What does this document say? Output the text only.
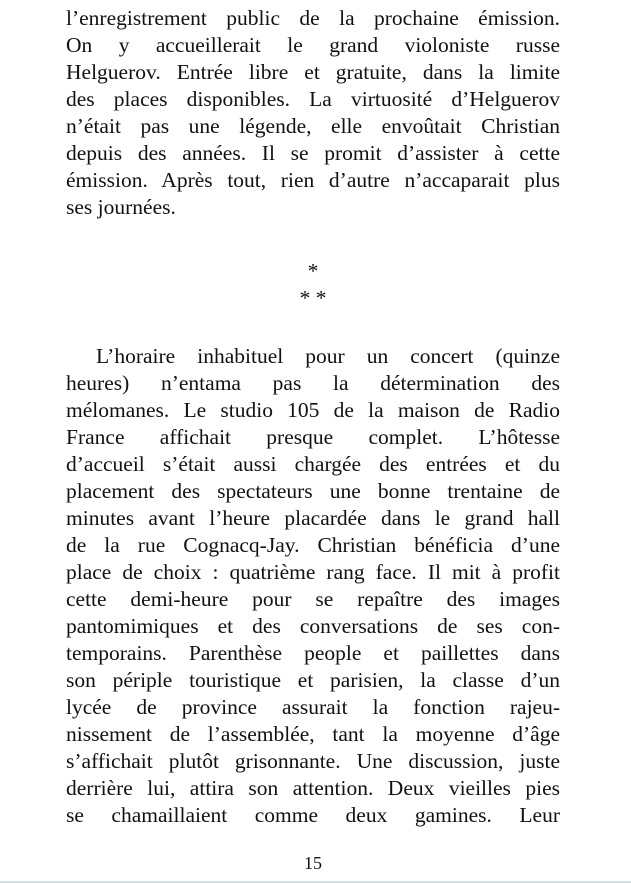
l’enregistrement public de la prochaine émission.
On y accueillerait le grand violoniste russe
Helguerov. Entrée libre et gratuite, dans la limite
des places disponibles. La virtuosité d’Helguerov
n’était pas une légende, elle envoûtait Christian
depuis des années. Il se promit d’assister à cette
émission. Après tout, rien d’autre n’accaparait plus
ses journées.
*
* *
L’horaire inhabituel pour un concert (quinze
heures) n’entama pas la détermination des
mélomanes. Le studio 105 de la maison de Radio
France affichait presque complet. L’hôtesse
d’accueil s’était aussi chargée des entrées et du
placement des spectateurs une bonne trentaine de
minutes avant l’heure placardée dans le grand hall
de la rue Cognacq-Jay. Christian bénéficia d’une
place de choix : quatrième rang face. Il mit à profit
cette demi-heure pour se repaître des images
pantomimiques et des conversations de ses con-
temporains. Parenthèse people et paillettes dans
son périple touristique et parisien, la classe d’un
lycée de province assurait la fonction rajeu-
nissement de l’assemblée, tant la moyenne d’âge
s’affichait plutôt grisonnante. Une discussion, juste
derrière lui, attira son attention. Deux vieilles pies
se chamaillaient comme deux gamines. Leur
15
